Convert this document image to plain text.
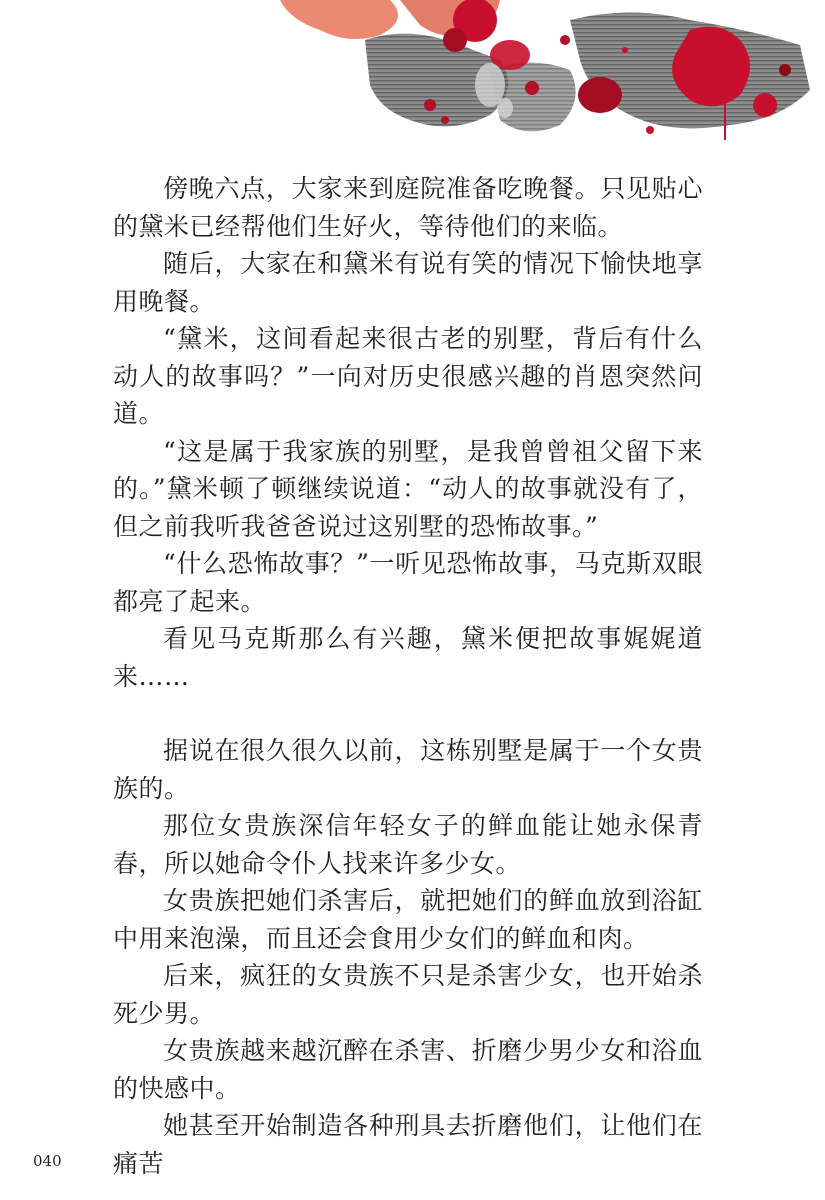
傍晚六点，大家来到庭院准备吃晚餐。只见贴心的黛米已经帮他们生好火，等待他们的来临。

随后，大家在和黛米有说有笑的情况下愉快地享用晚餐。

“黛米，这间看起来很古老的别墅，背后有什么动人的故事吗？”一向对历史很感兴趣的肖恩突然问道。

“这是属于我家族的别墅，是我曾曾祖父留下来的。”黛米顿了顿继续说道：“动人的故事就没有了，但之前我听我爸爸说过这别墅的恐怖故事。”

“什么恐怖故事？”一听见恐怖故事，马克斯双眼都亮了起来。

看见马克斯那么有兴趣，黛米便把故事娓娓道来……

据说在很久很久以前，这栋别墅是属于一个女贵族的。

那位女贵族深信年轻女子的鲜血能让她永保青春，所以她命令仆人找来许多少女。

女贵族把她们杀害后，就把她们的鲜血放到浴缸中用来泡澡，而且还会食用少女们的鲜血和肉。

后来，疯狂的女贵族不只是杀害少女，也开始杀死少男。

女贵族越来越沉醉在杀害、折磨少男少女和浴血的快感中。

她甚至开始制造各种刑具去折磨他们，让他们在痛苦

040
